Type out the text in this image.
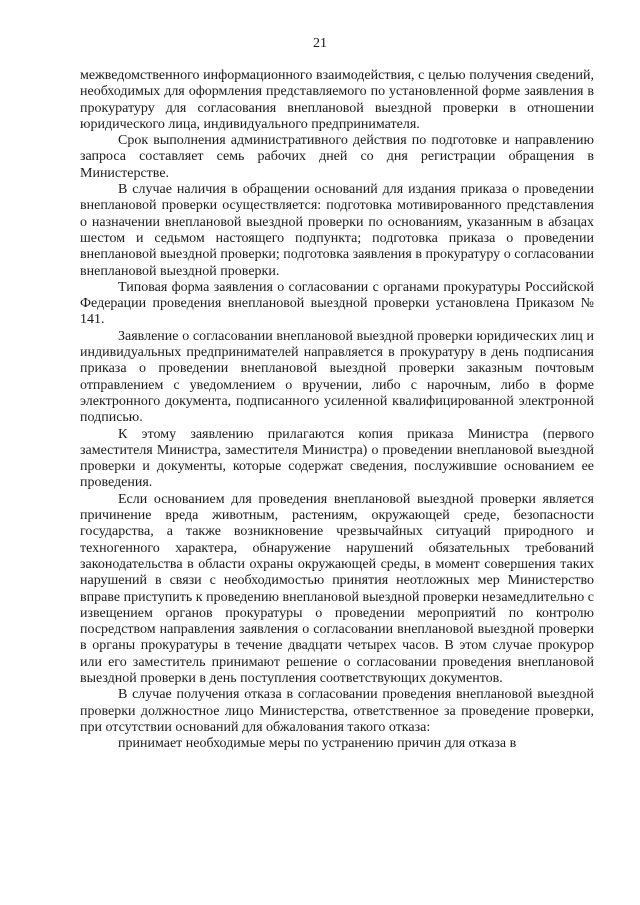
21

межведомственного информационного взаимодействия, с целью получения сведений, необходимых для оформления представляемого по установленной форме заявления в прокуратуру для согласования внеплановой выездной проверки в отношении юридического лица, индивидуального предпринимателя.

Срок выполнения административного действия по подготовке и направлению запроса составляет семь рабочих дней со дня регистрации обращения в Министерстве.

В случае наличия в обращении оснований для издания приказа о проведении внеплановой проверки осуществляется: подготовка мотивированного представления о назначении внеплановой выездной проверки по основаниям, указанным в абзацах шестом и седьмом настоящего подпункта; подготовка приказа о проведении внеплановой выездной проверки; подготовка заявления в прокуратуру о согласовании внеплановой выездной проверки.

Типовая форма заявления о согласовании с органами прокуратуры Российской Федерации проведения внеплановой выездной проверки установлена Приказом № 141.

Заявление о согласовании внеплановой выездной проверки юридических лиц и индивидуальных предпринимателей направляется в прокуратуру в день подписания приказа о проведении внеплановой выездной проверки заказным почтовым отправлением с уведомлением о вручении, либо с нарочным, либо в форме электронного документа, подписанного усиленной квалифицированной электронной подписью.

К этому заявлению прилагаются копия приказа Министра (первого заместителя Министра, заместителя Министра) о проведении внеплановой выездной проверки и документы, которые содержат сведения, послужившие основанием ее проведения.

Если основанием для проведения внеплановой выездной проверки является причинение вреда животным, растениям, окружающей среде, безопасности государства, а также возникновение чрезвычайных ситуаций природного и техногенного характера, обнаружение нарушений обязательных требований законодательства в области охраны окружающей среды, в момент совершения таких нарушений в связи с необходимостью принятия неотложных мер Министерство вправе приступить к проведению внеплановой выездной проверки незамедлительно с извещением органов прокуратуры о проведении мероприятий по контролю посредством направления заявления о согласовании внеплановой выездной проверки в органы прокуратуры в течение двадцати четырех часов. В этом случае прокурор или его заместитель принимают решение о согласовании проведения внеплановой выездной проверки в день поступления соответствующих документов.

В случае получения отказа в согласовании проведения внеплановой выездной проверки должностное лицо Министерства, ответственное за проведение проверки, при отсутствии оснований для обжалования такого отказа:

принимает необходимые меры по устранению причин для отказа в
